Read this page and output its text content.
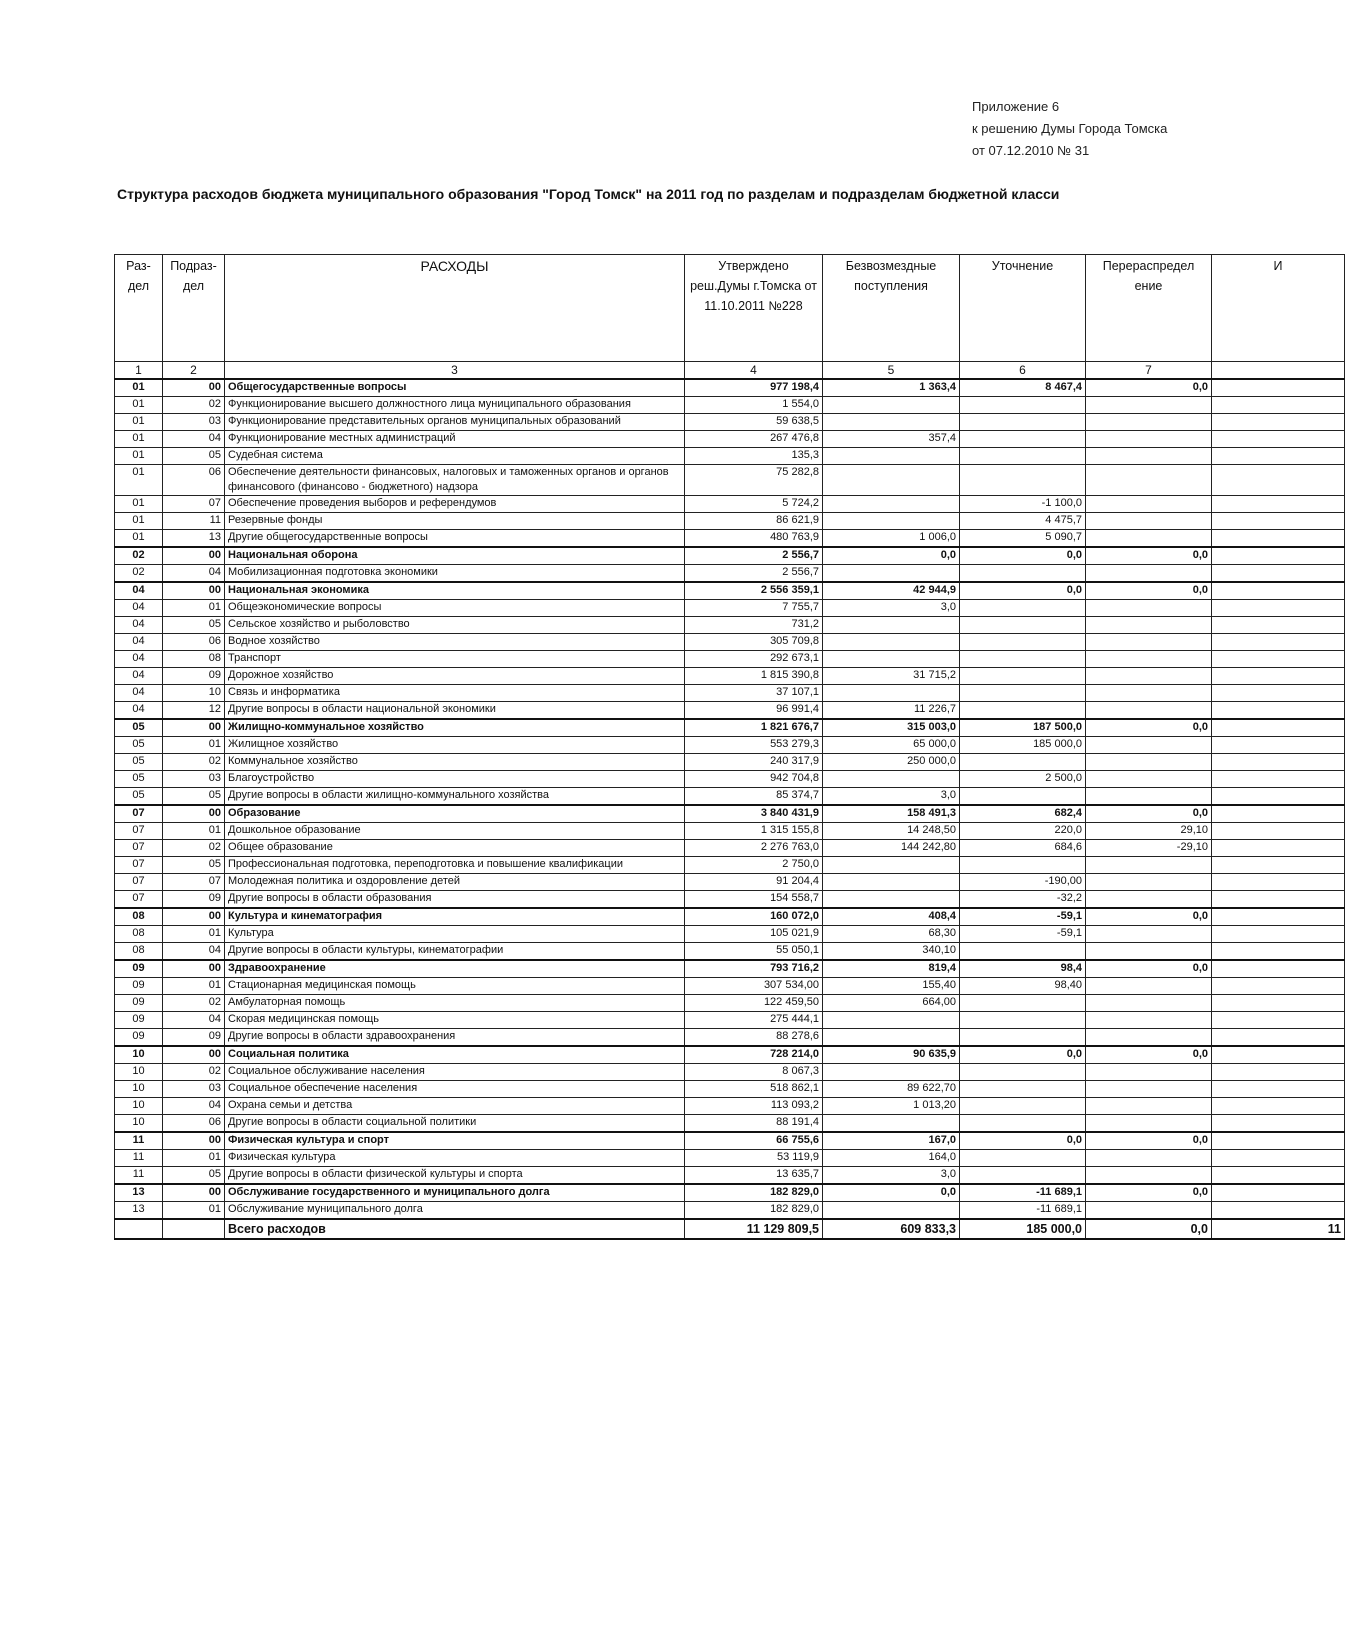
Приложение 6
к решению Думы Города Томска
от 07.12.2010 № 31
Структура расходов бюджета муниципального образования "Город Томск" на 2011 год по разделам и подразделам бюджетной класси
Раз-дел	Подраз-дел	РАСХОДЫ	Утверждено реш.Думы г.Томска от 11.10.2011 №228	Безвозмездные поступления	Уточнение	Перераспредел ение	И
1	2	3	4	5	6	7	
01	00	Общегосударственные вопросы	977 198,4	1 363,4	8 467,4	0,0	
01	02	Функционирование высшего должностного лица муниципального образования	1 554,0				
01	03	Функционирование представительных органов муниципальных образований	59 638,5				
01	04	Функционирование местных администраций	267 476,8	357,4			
01	05	Судебная система	135,3				
01	06	Обеспечение деятельности финансовых, налоговых и таможенных органов и органов финансового (финансово - бюджетного) надзора	75 282,8				
01	07	Обеспечение проведения выборов и референдумов	5 724,2		-1 100,0		
01	11	Резервные фонды	86 621,9		4 475,7		
01	13	Другие общегосударственные вопросы	480 763,9	1 006,0	5 090,7		
02	00	Национальная оборона	2 556,7	0,0	0,0	0,0	
02	04	Мобилизационная подготовка экономики	2 556,7				
04	00	Национальная экономика	2 556 359,1	42 944,9	0,0	0,0	
04	01	Общеэкономические вопросы	7 755,7	3,0			
04	05	Сельское хозяйство и рыболовство	731,2				
04	06	Водное хозяйство	305 709,8				
04	08	Транспорт	292 673,1				
04	09	Дорожное хозяйство	1 815 390,8	31 715,2			
04	10	Связь и информатика	37 107,1				
04	12	Другие вопросы в области национальной экономики	96 991,4	11 226,7			
05	00	Жилищно-коммунальное хозяйство	1 821 676,7	315 003,0	187 500,0	0,0	
05	01	Жилищное хозяйство	553 279,3	65 000,0	185 000,0		
05	02	Коммунальное хозяйство	240 317,9	250 000,0			
05	03	Благоустройство	942 704,8		2 500,0		
05	05	Другие вопросы в области жилищно-коммунального хозяйства	85 374,7	3,0			
07	00	Образование	3 840 431,9	158 491,3	682,4	0,0	
07	01	Дошкольное образование	1 315 155,8	14 248,50	220,0	29,10	
07	02	Общее образование	2 276 763,0	144 242,80	684,6	-29,10	
07	05	Профессиональная подготовка, переподготовка и повышение квалификации	2 750,0				
07	07	Молодежная политика и оздоровление детей	91 204,4		-190,00		
07	09	Другие вопросы в области образования	154 558,7		-32,2		
08	00	Культура и кинематография	160 072,0	408,4	-59,1	0,0	
08	01	Культура	105 021,9	68,30	-59,1		
08	04	Другие вопросы в области культуры, кинематографии	55 050,1	340,10			
09	00	Здравоохранение	793 716,2	819,4	98,4	0,0	
09	01	Стационарная медицинская помощь	307 534,00	155,40	98,40		
09	02	Амбулаторная помощь	122 459,50	664,00			
09	04	Скорая медицинская помощь	275 444,1				
09	09	Другие вопросы в области здравоохранения	88 278,6				
10	00	Социальная политика	728 214,0	90 635,9	0,0	0,0	
10	02	Социальное обслуживание населения	8 067,3				
10	03	Социальное обеспечение населения	518 862,1	89 622,70			
10	04	Охрана семьи и детства	113 093,2	1 013,20			
10	06	Другие вопросы в области социальной политики	88 191,4				
11	00	Физическая культура и спорт	66 755,6	167,0	0,0	0,0	
11	01	Физическая культура	53 119,9	164,0			
11	05	Другие вопросы в области физической культуры и спорта	13 635,7	3,0			
13	00	Обслуживание государственного и муниципального долга	182 829,0	0,0	-11 689,1	0,0	
13	01	Обслуживание муниципального долга	182 829,0		-11 689,1		
		Всего расходов	11 129 809,5	609 833,3	185 000,0	0,0	11
